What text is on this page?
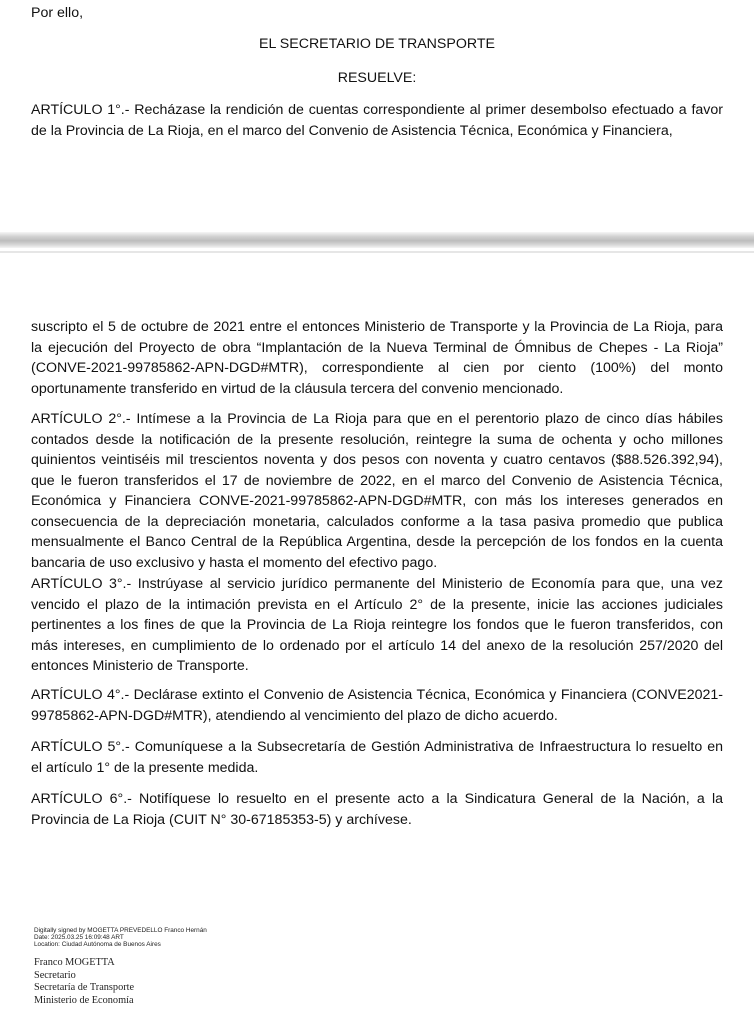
Por ello,
EL SECRETARIO DE TRANSPORTE
RESUELVE:
ARTÍCULO 1°.- Recházase la rendición de cuentas correspondiente al primer desembolso efectuado a favor de la Provincia de La Rioja, en el marco del Convenio de Asistencia Técnica, Económica y Financiera,
suscripto el 5 de octubre de 2021 entre el entonces Ministerio de Transporte y la Provincia de La Rioja, para la ejecución del Proyecto de obra “Implantación de la Nueva Terminal de Ómnibus de Chepes - La Rioja” (CONVE-2021-99785862-APN-DGD#MTR), correspondiente al cien por ciento (100%) del monto oportunamente transferido en virtud de la cláusula tercera del convenio mencionado.
ARTÍCULO 2°.- Intímese a la Provincia de La Rioja para que en el perentorio plazo de cinco días hábiles contados desde la notificación de la presente resolución, reintegre la suma de ochenta y ocho millones quinientos veintiséis mil trescientos noventa y dos pesos con noventa y cuatro centavos ($88.526.392,94), que le fueron transferidos el 17 de noviembre de 2022, en el marco del Convenio de Asistencia Técnica, Económica y Financiera CONVE-2021-99785862-APN-DGD#MTR, con más los intereses generados en consecuencia de la depreciación monetaria, calculados conforme a la tasa pasiva promedio que publica mensualmente el Banco Central de la República Argentina, desde la percepción de los fondos en la cuenta bancaria de uso exclusivo y hasta el momento del efectivo pago.
ARTÍCULO 3°.- Instrúyase al servicio jurídico permanente del Ministerio de Economía para que, una vez vencido el plazo de la intimación prevista en el Artículo 2° de la presente, inicie las acciones judiciales pertinentes a los fines de que la Provincia de La Rioja reintegre los fondos que le fueron transferidos, con más intereses, en cumplimiento de lo ordenado por el artículo 14 del anexo de la resolución 257/2020 del entonces Ministerio de Transporte.
ARTÍCULO 4°.- Declárase extinto el Convenio de Asistencia Técnica, Económica y Financiera (CONVE2021-99785862-APN-DGD#MTR), atendiendo al vencimiento del plazo de dicho acuerdo.
ARTÍCULO 5°.- Comuníquese a la Subsecretaría de Gestión Administrativa de Infraestructura lo resuelto en el artículo 1° de la presente medida.
ARTÍCULO 6°.- Notifíquese lo resuelto en el presente acto a la Sindicatura General de la Nación, a la Provincia de La Rioja (CUIT N° 30-67185353-5) y archívese.
Digitally signed by MOGETTA PREVEDELLO Franco Hernán
Date: 2025.03.25 16:09:48 ART
Location: Ciudad Autónoma de Buenos Aires
Franco MOGETTA
Secretario
Secretaría de Transporte
Ministerio de Economía
